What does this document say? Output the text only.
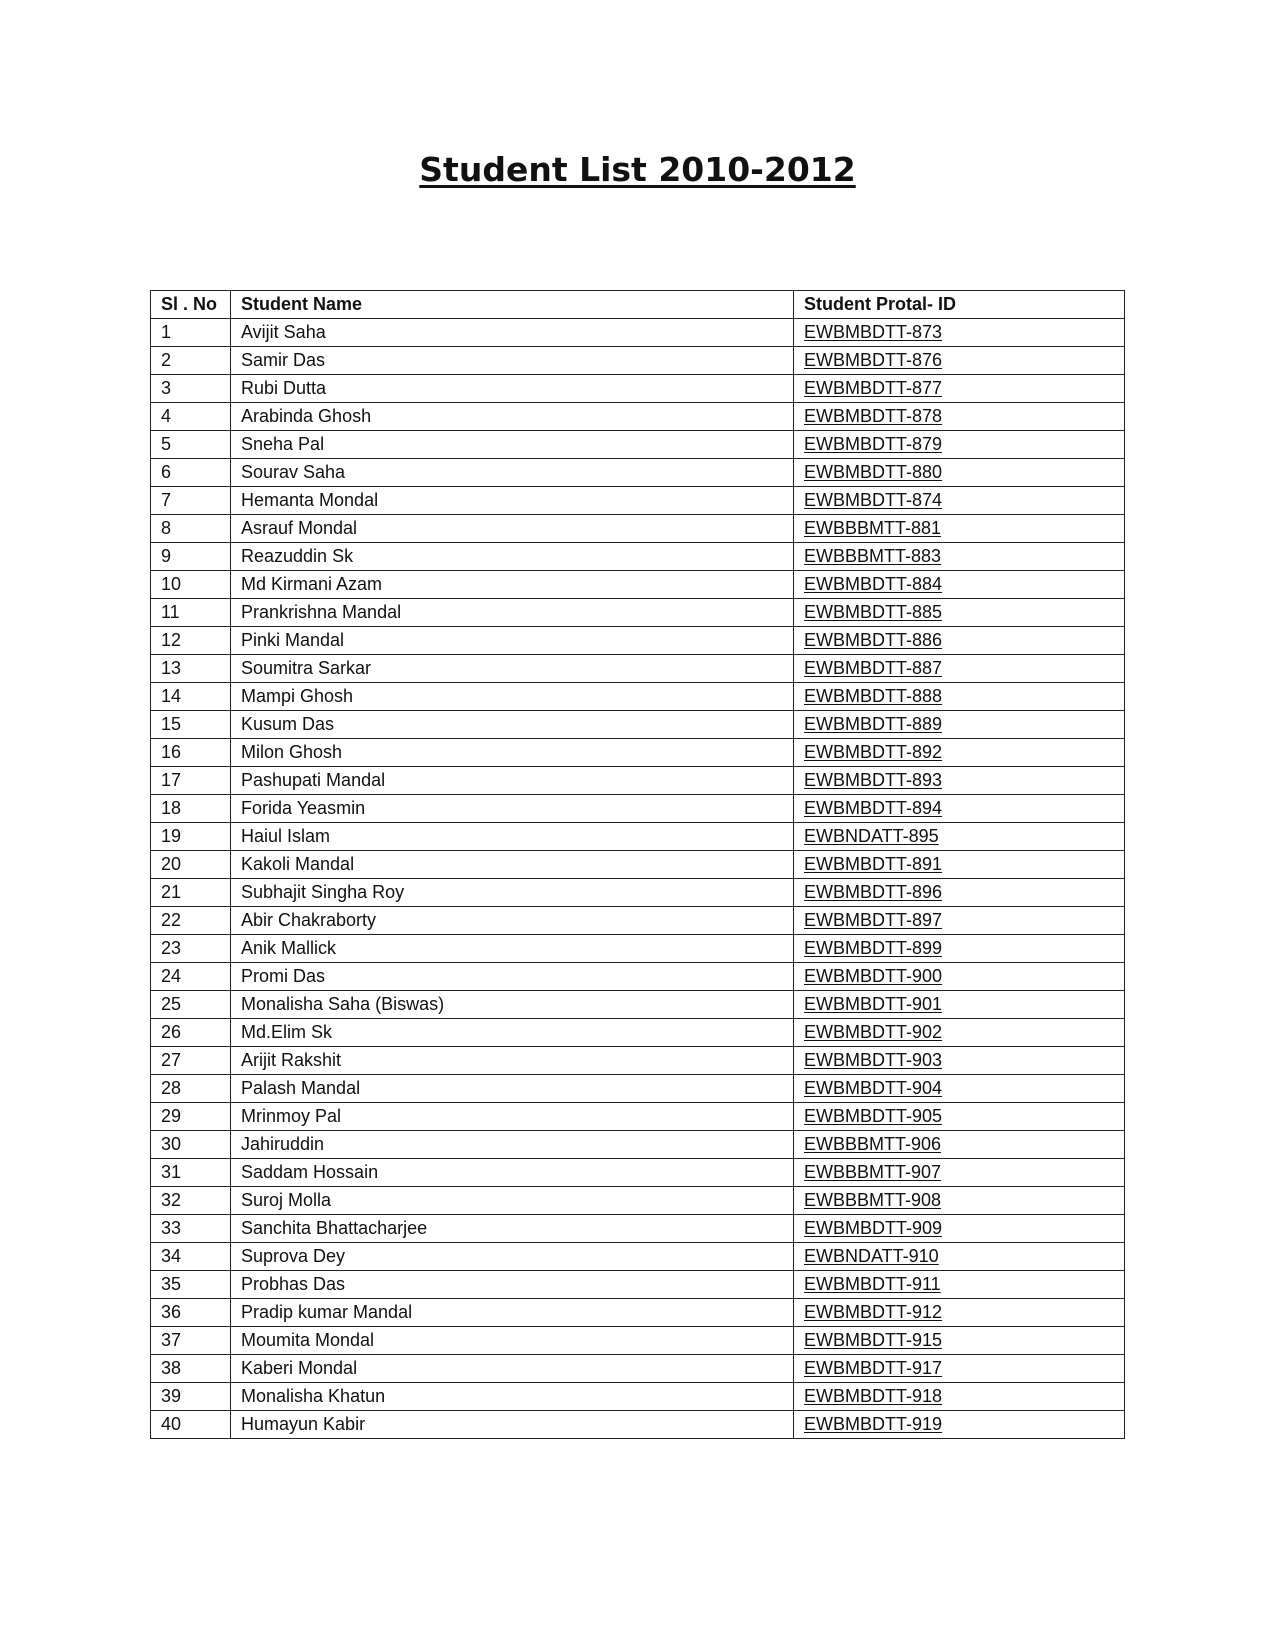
Student List 2010-2012
Sl . No	Student Name	Student Protal- ID
1	Avijit Saha	EWBMBDTT-873
2	Samir Das	EWBMBDTT-876
3	Rubi Dutta	EWBMBDTT-877
4	Arabinda Ghosh	EWBMBDTT-878
5	Sneha Pal	EWBMBDTT-879
6	Sourav Saha	EWBMBDTT-880
7	Hemanta Mondal	EWBMBDTT-874
8	Asrauf Mondal	EWBBBMTT-881
9	Reazuddin Sk	EWBBBMTT-883
10	Md Kirmani Azam	EWBMBDTT-884
11	Prankrishna Mandal	EWBMBDTT-885
12	Pinki Mandal	EWBMBDTT-886
13	Soumitra Sarkar	EWBMBDTT-887
14	Mampi Ghosh	EWBMBDTT-888
15	Kusum Das	EWBMBDTT-889
16	Milon Ghosh	EWBMBDTT-892
17	Pashupati Mandal	EWBMBDTT-893
18	Forida Yeasmin	EWBMBDTT-894
19	Haiul Islam	EWBNDATT-895
20	Kakoli Mandal	EWBMBDTT-891
21	Subhajit Singha Roy	EWBMBDTT-896
22	Abir Chakraborty	EWBMBDTT-897
23	Anik Mallick	EWBMBDTT-899
24	Promi Das	EWBMBDTT-900
25	Monalisha Saha (Biswas)	EWBMBDTT-901
26	Md.Elim Sk	EWBMBDTT-902
27	Arijit Rakshit	EWBMBDTT-903
28	Palash Mandal	EWBMBDTT-904
29	Mrinmoy Pal	EWBMBDTT-905
30	Jahiruddin	EWBBBMTT-906
31	Saddam Hossain	EWBBBMTT-907
32	Suroj Molla	EWBBBMTT-908
33	Sanchita Bhattacharjee	EWBMBDTT-909
34	Suprova Dey	EWBNDATT-910
35	Probhas Das	EWBMBDTT-911
36	Pradip kumar Mandal	EWBMBDTT-912
37	Moumita Mondal	EWBMBDTT-915
38	Kaberi Mondal	EWBMBDTT-917
39	Monalisha Khatun	EWBMBDTT-918
40	Humayun Kabir	EWBMBDTT-919
